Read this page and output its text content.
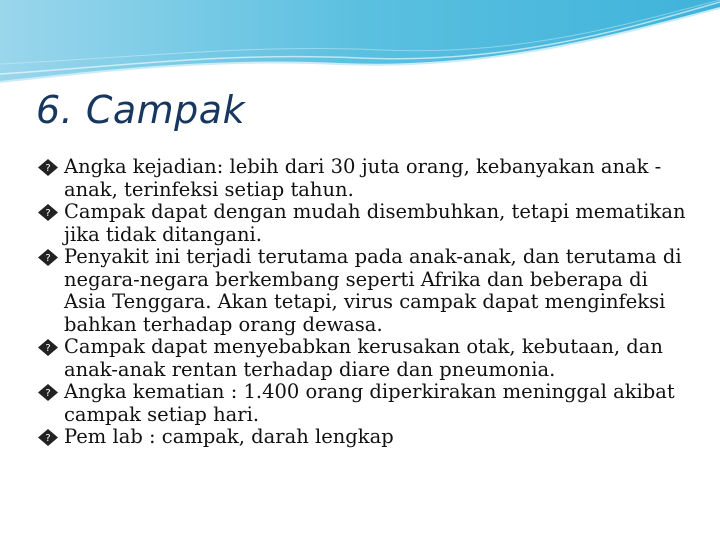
6. Campak
? Angka kejadian: lebih dari 30 juta orang, kebanyakan anak -anak, terinfeksi setiap tahun.
? Campak dapat dengan mudah disembuhkan, tetapi mematikan jika tidak ditangani.
? Penyakit ini terjadi terutama pada anak-anak, dan terutama di negara-negara berkembang seperti Afrika dan beberapa di Asia Tenggara. Akan tetapi, virus campak dapat menginfeksi bahkan terhadap orang dewasa.
? Campak dapat menyebabkan kerusakan otak, kebutaan, dan anak-anak rentan terhadap diare dan pneumonia.
? Angka kematian : 1.400 orang diperkirakan meninggal akibat campak setiap hari.
? Pem lab : campak, darah lengkap
